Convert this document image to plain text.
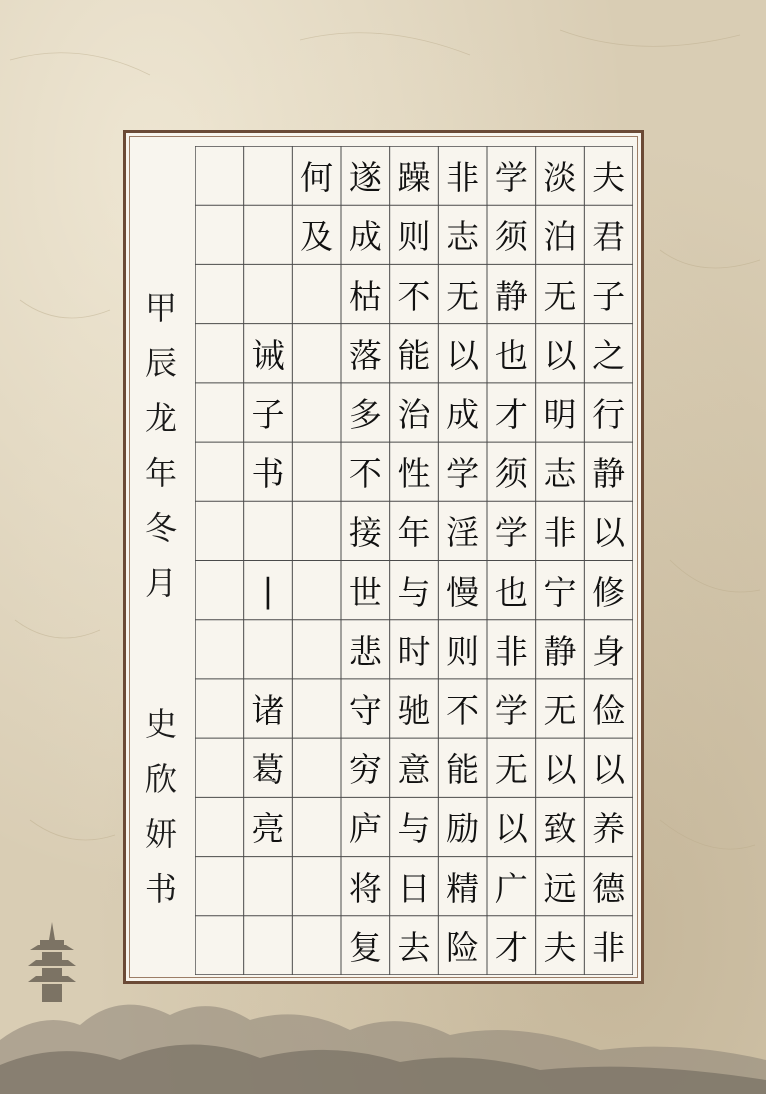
甲
辰
龙
年
冬
月
史
欣
妍
书
夫
君
子
之
行
静
以
修
身
俭
以
养
德
非
淡
泊
无
以
明
志
非
宁
静
无
以
致
远
夫
学
须
静
也
才
须
学
也
非
学
无
以
广
才
非
志
无
以
成
学
淫
慢
则
不
能
励
精
险
躁
则
不
能
治
性
年
与
时
驰
意
与
日
去
遂
成
枯
落
多
不
接
世
悲
守
穷
庐
将
复
何
及
诫
子
书
|
诸
葛
亮
